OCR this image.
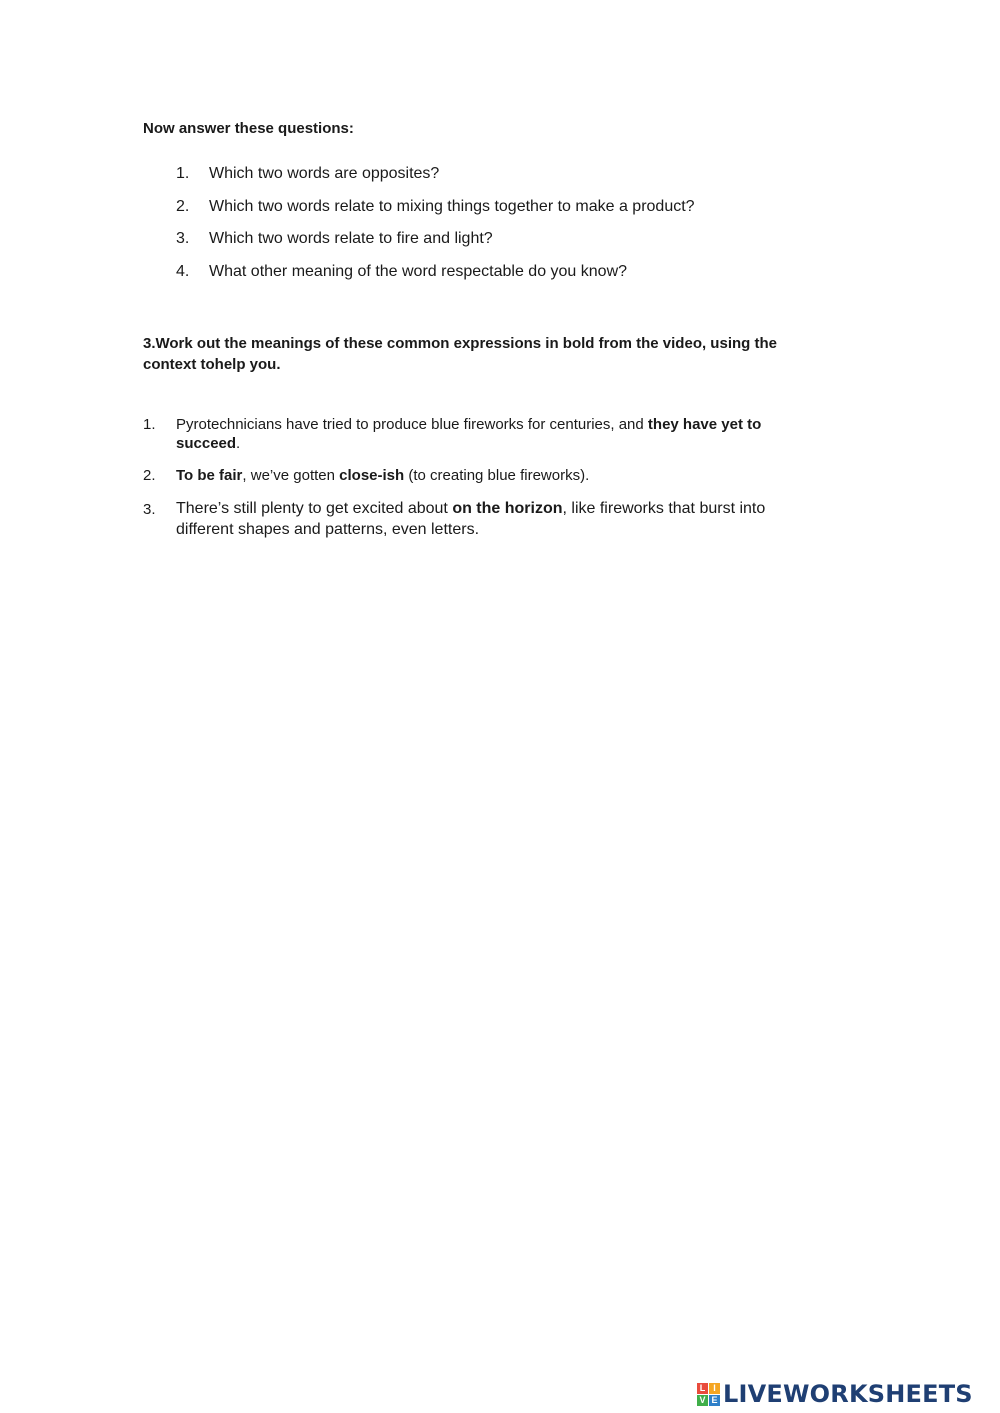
Now answer these questions:
1. Which two words are opposites?
2. Which two words relate to mixing things together to make a product?
3. Which two words relate to fire and light?
4. What other meaning of the word respectable do you know?
3.Work out the meanings of these common expressions in bold from the video, using the
context tohelp you.
1. Pyrotechnicians have tried to produce blue fireworks for centuries, and they have yet to
succeed.
2. To be fair, we’ve gotten close-ish (to creating blue fireworks).
3. There’s still plenty to get excited about on the horizon, like fireworks that burst into
different shapes and patterns, even letters.
L I
V E LIVEWORKSHEETS
